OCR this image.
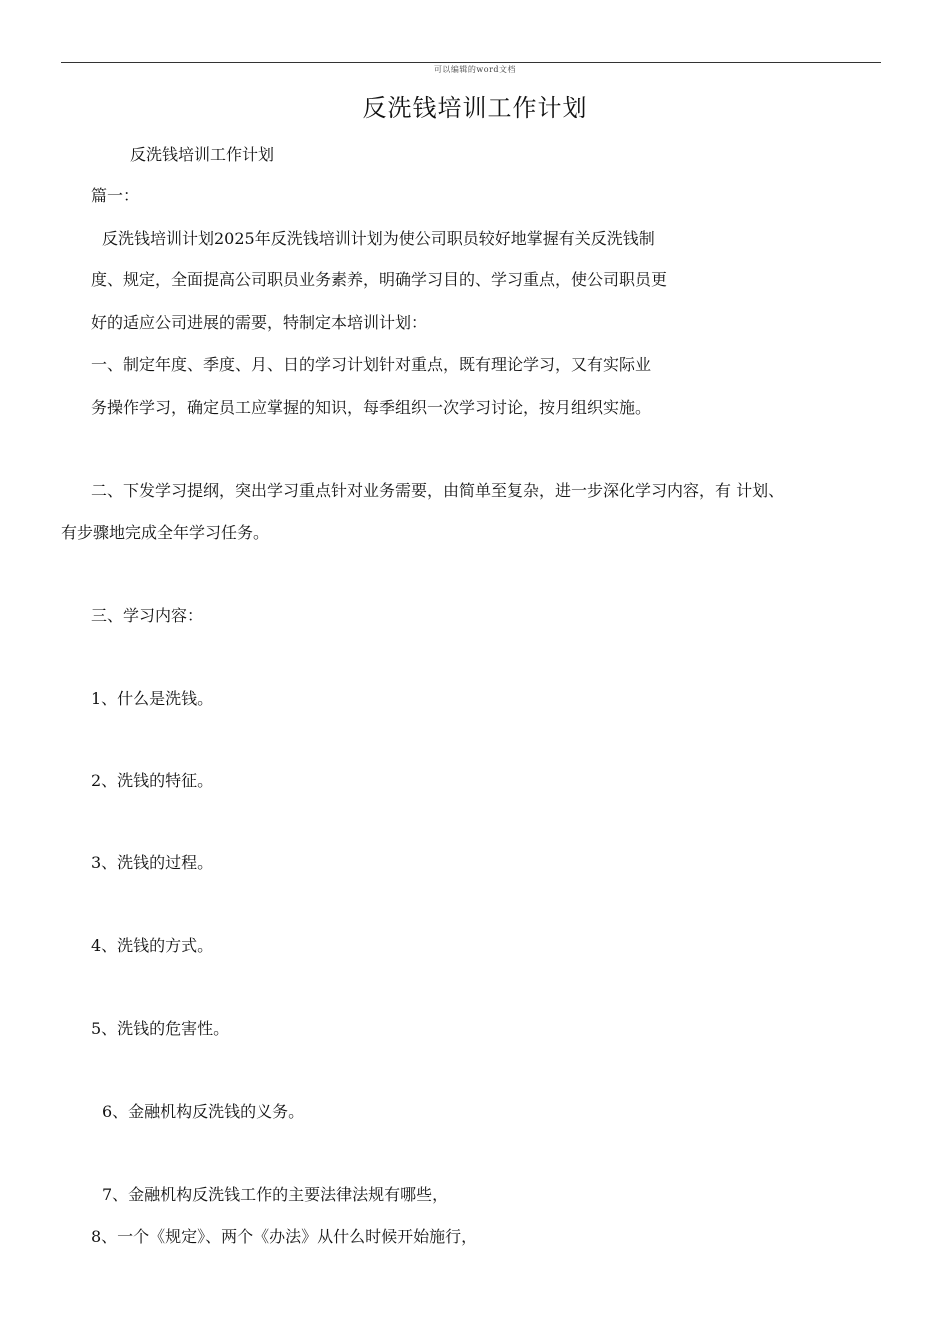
可以编辑的word文档
反洗钱培训工作计划
反洗钱培训工作计划
篇一：
反洗钱培训计划2025年反洗钱培训计划为使公司职员较好地掌握有关反洗钱制
度、规定，全面提高公司职员业务素养，明确学习目的、学习重点，使公司职员更
好的适应公司进展的需要，特制定本培训计划：
一、制定年度、季度、月、日的学习计划针对重点，既有理论学习，又有实际业
务操作学习，确定员工应掌握的知识，每季组织一次学习讨论，按月组织实施。
二、下发学习提纲，突出学习重点针对业务需要，由简单至复杂，进一步深化学习内容，有 计划、
有步骤地完成全年学习任务。
三、学习内容：
1、什么是洗钱。
2、洗钱的特征。
3、洗钱的过程。
4、洗钱的方式。
5、洗钱的危害性。
6、金融机构反洗钱的义务。
7、金融机构反洗钱工作的主要法律法规有哪些，
8、一个《规定》、两个《办法》从什么时候开始施行，
